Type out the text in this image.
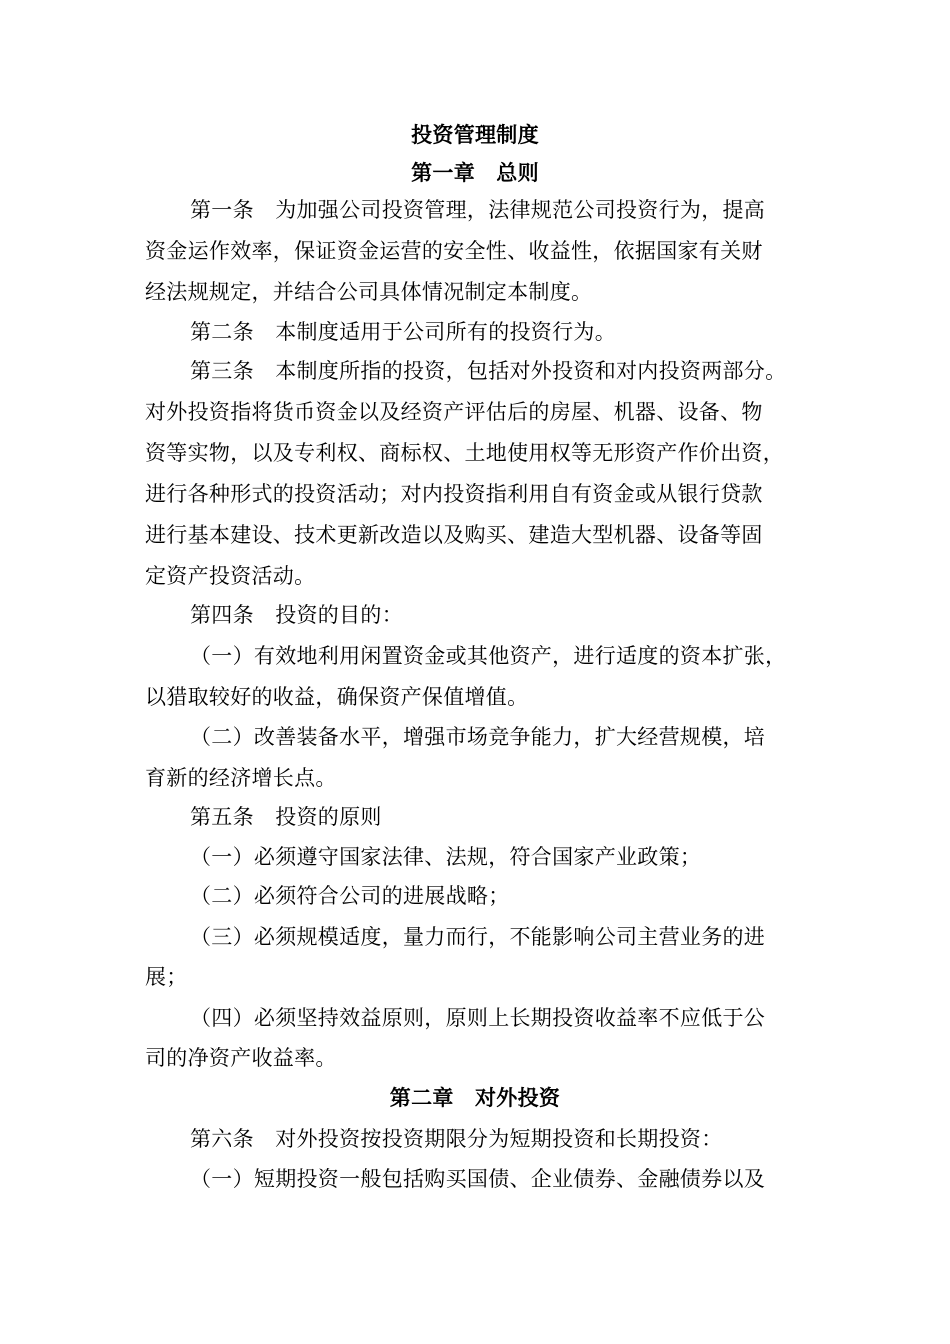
投资管理制度
第一章　总则
第一条　为加强公司投资管理，法律规范公司投资行为，提高
资金运作效率，保证资金运营的安全性、收益性，依据国家有关财
经法规规定，并结合公司具体情况制定本制度。
第二条　本制度适用于公司所有的投资行为。
第三条　本制度所指的投资，包括对外投资和对内投资两部分。
对外投资指将货币资金以及经资产评估后的房屋、机器、设备、物
资等实物，以及专利权、商标权、土地使用权等无形资产作价出资，
进行各种形式的投资活动；对内投资指利用自有资金或从银行贷款
进行基本建设、技术更新改造以及购买、建造大型机器、设备等固
定资产投资活动。
第四条　投资的目的：
（一）有效地利用闲置资金或其他资产，进行适度的资本扩张，
以猎取较好的收益，确保资产保值增值。
（二）改善装备水平，增强市场竞争能力，扩大经营规模，培
育新的经济增长点。
第五条　投资的原则
（一）必须遵守国家法律、法规，符合国家产业政策；
（二）必须符合公司的进展战略；
（三）必须规模适度，量力而行，不能影响公司主营业务的进
展；
（四）必须坚持效益原则，原则上长期投资收益率不应低于公
司的净资产收益率。
第二章　对外投资
第六条　对外投资按投资期限分为短期投资和长期投资：
（一）短期投资一般包括购买国债、企业债券、金融债券以及
